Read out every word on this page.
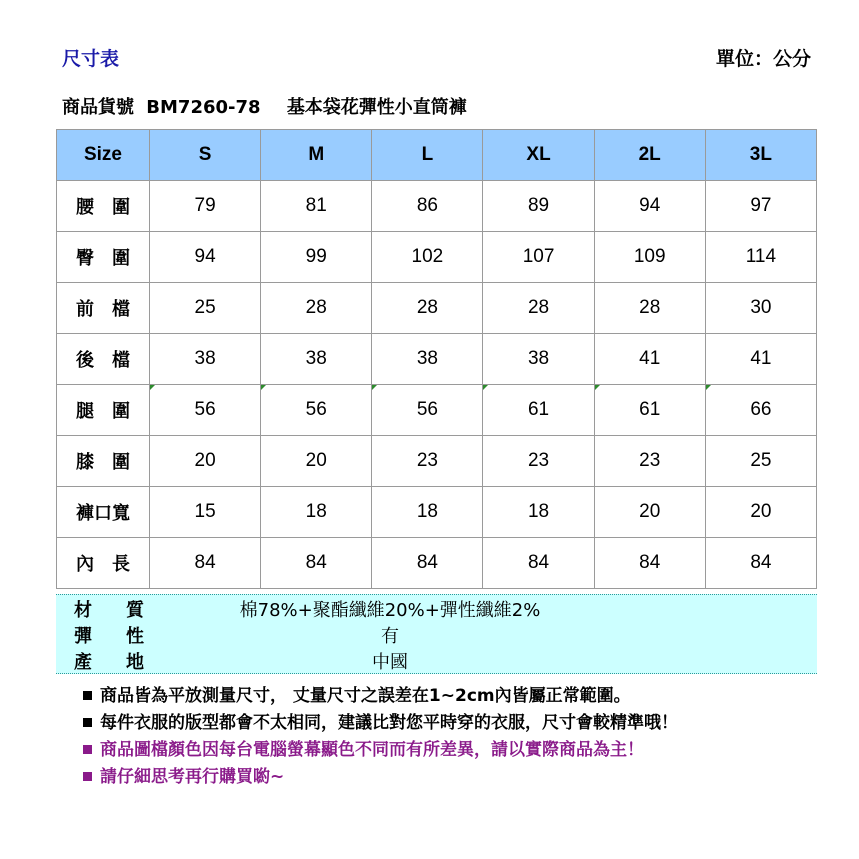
尺寸表	單位：公分
商品貨號 BM7260-78 基本袋花彈性小直筒褲
Size	S	M	L	XL	2L	3L
腰　圍	79	81	86	89	94	97
臀　圍	94	99	102	107	109	114
前　檔	25	28	28	28	28	30
後　檔	38	38	38	38	41	41
腿　圍	56	56	56	61	61	66
膝　圍	20	20	23	23	23	25
褲口寬	15	18	18	18	20	20
內　長	84	84	84	84	84	84
材 質	棉78%+聚酯纖維20%+彈性纖維2%
彈 性	有
產 地	中國
商品皆為平放測量尺寸， 丈量尺寸之誤差在1~2cm內皆屬正常範圍。
每件衣服的版型都會不太相同，建議比對您平時穿的衣服，尺寸會較精準哦！
商品圖檔顏色因每台電腦螢幕顯色不同而有所差異，請以實際商品為主！
請仔細思考再行購買喲~
